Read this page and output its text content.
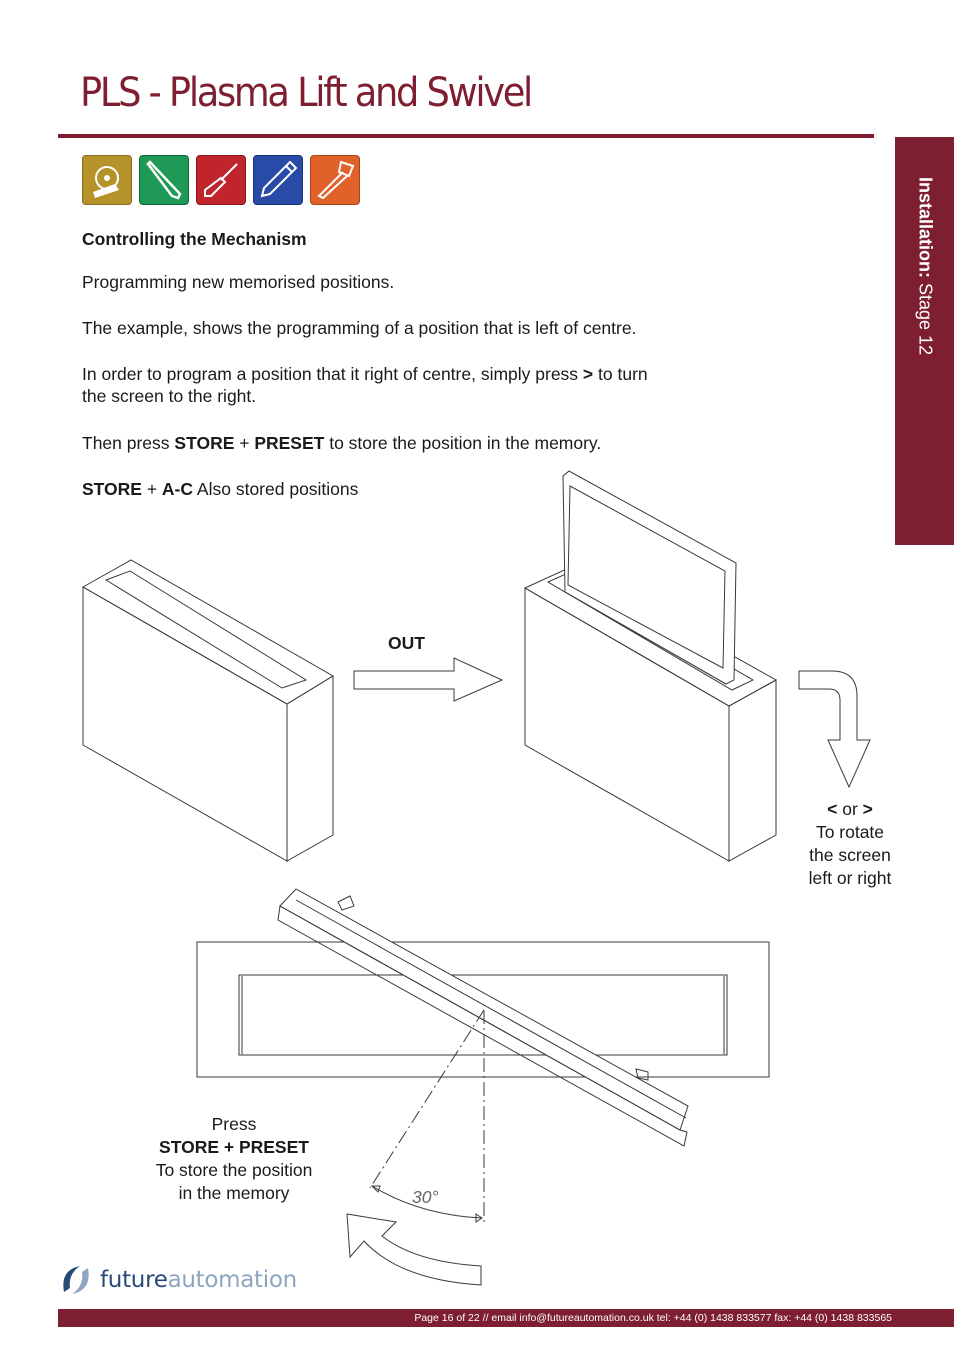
PLS - Plasma Lift and Swivel
Installation: Stage 12

Controlling the Mechanism

Programming new memorised positions.

The example, shows the programming of a position that is left of centre.

In order to program a position that it right of centre, simply press > to turn
the screen to the right.

Then press STORE + PRESET to store the position in the memory.

STORE + A-C Also stored positions

OUT
< or >
To rotate
the screen
left or right
Press
STORE + PRESET
To store the position
in the memory	30°
futureautomation
Page 16 of 22 // email info@futureautomation.co.uk tel: +44 (0) 1438 833577 fax: +44 (0) 1438 833565
